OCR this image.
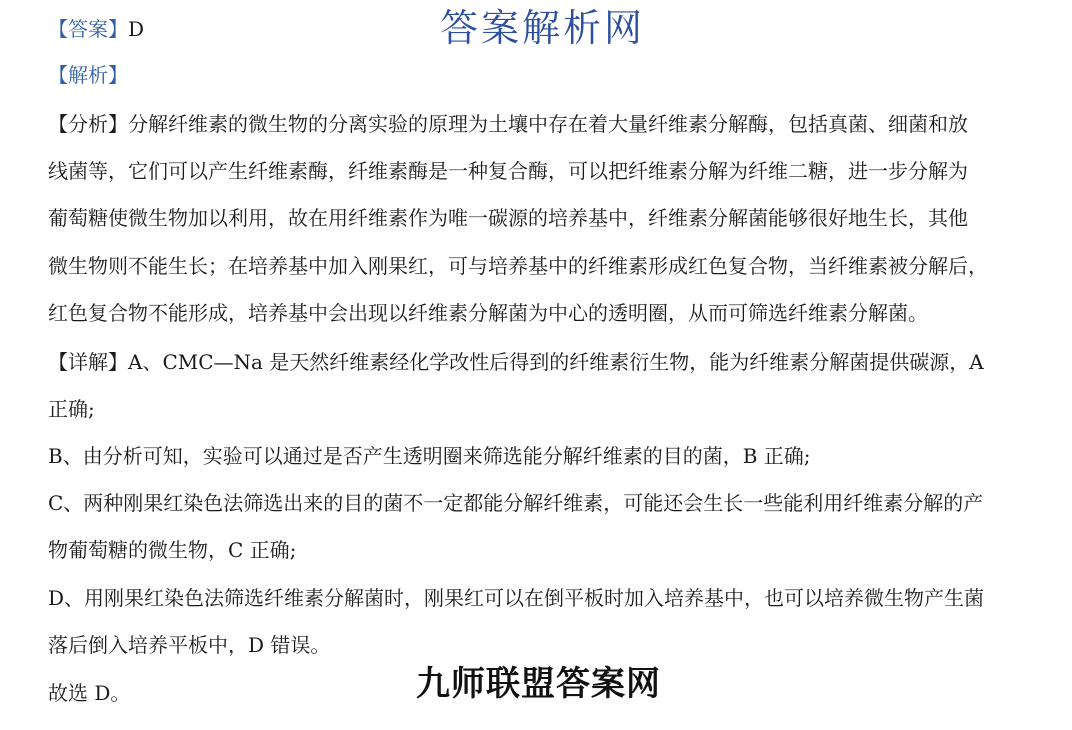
答案解析网
【答案】D
【解析】
【分析】分解纤维素的微生物的分离实验的原理为土壤中存在着大量纤维素分解酶，包括真菌、细菌和放
线菌等，它们可以产生纤维素酶，纤维素酶是一种复合酶，可以把纤维素分解为纤维二糖，进一步分解为
葡萄糖使微生物加以利用，故在用纤维素作为唯一碳源的培养基中，纤维素分解菌能够很好地生长，其他
微生物则不能生长；在培养基中加入刚果红，可与培养基中的纤维素形成红色复合物，当纤维素被分解后，
红色复合物不能形成，培养基中会出现以纤维素分解菌为中心的透明圈，从而可筛选纤维素分解菌。
【详解】A、CMC—Na 是天然纤维素经化学改性后得到的纤维素衍生物，能为纤维素分解菌提供碳源，A
正确;
B、由分析可知，实验可以通过是否产生透明圈来筛选能分解纤维素的目的菌，B 正确;
C、两种刚果红染色法筛选出来的目的菌不一定都能分解纤维素，可能还会生长一些能利用纤维素分解的产
物葡萄糖的微生物，C 正确;
D、用刚果红染色法筛选纤维素分解菌时，刚果红可以在倒平板时加入培养基中，也可以培养微生物产生菌
落后倒入培养平板中，D 错误。
故选 D。	九师联盟答案网
